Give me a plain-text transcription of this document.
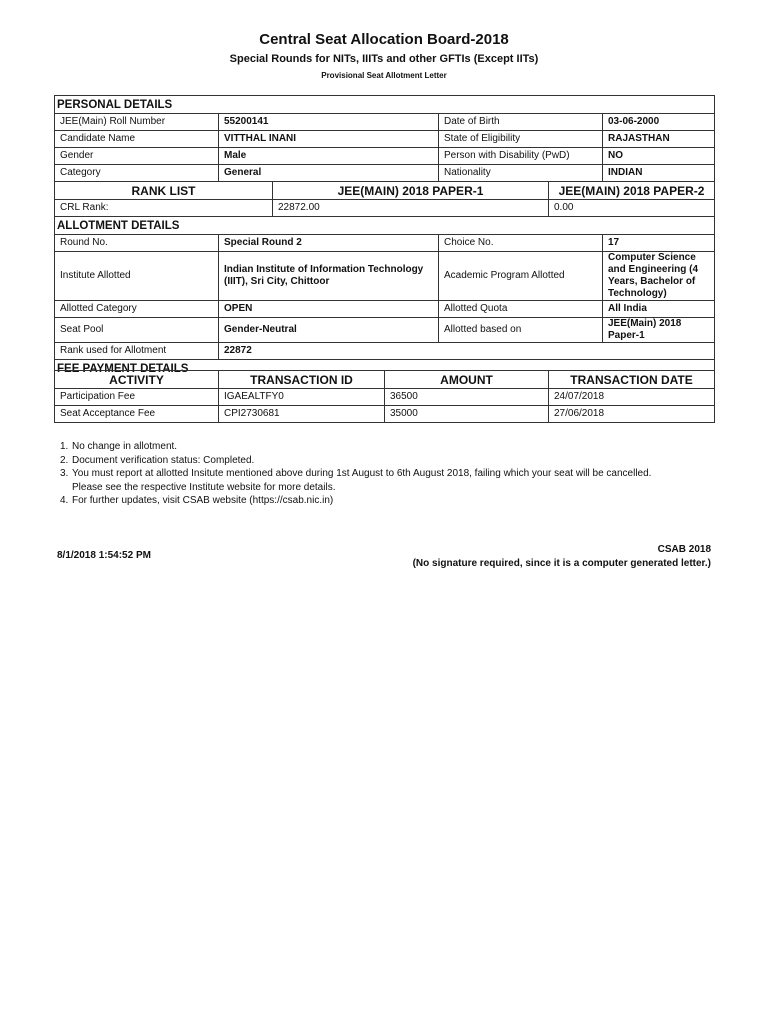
Central Seat Allocation Board-2018
Special Rounds for NITs, IIITs and other GFTIs (Except IITs)
Provisional Seat Allotment Letter
PERSONAL DETAILS					
JEE(Main) Roll Number	55200141		Date of Birth		03-06-2000
Candidate Name	VITTHAL INANI		State of Eligibility		RAJASTHAN
Gender	Male		Person with Disability (PwD)		NO
Category	General		Nationality		INDIAN
RANK LIST		JEE(MAIN) 2018 PAPER-1		JEE(MAIN) 2018 PAPER-2	
CRL Rank:		22872.00		0.00	
ALLOTMENT DETAILS					
Round No.	Special Round 2		Choice No.		17
Institute Allotted	Indian Institute of Information Technology (IIIT), Sri City, Chittoor		Academic Program Allotted		Computer Science and Engineering (4 Years, Bachelor of Technology)
Allotted Category	OPEN		Allotted Quota		All India
Seat Pool	Gender-Neutral		Allotted based on		JEE(Main) 2018 Paper-1
Rank used for Allotment	22872				
FEE PAYMENT DETAILS					
ACTIVITY	TRANSACTION ID	AMOUNT	TRANSACTION DATE
Participation Fee	IGAEALTFY0	36500	24/07/2018
Seat Acceptance Fee	CPI2730681	35000	27/06/2018
1. No change in allotment.
2. Document verification status: Completed.
3. You must report at allotted Insitute mentioned above during 1st August to 6th August 2018, failing which your seat will be cancelled.
Please see the respective Institute website for more details.
4. For further updates, visit CSAB website (https://csab.nic.in)
8/1/2018 1:54:52 PM
CSAB 2018
(No signature required, since it is a computer generated letter.)
